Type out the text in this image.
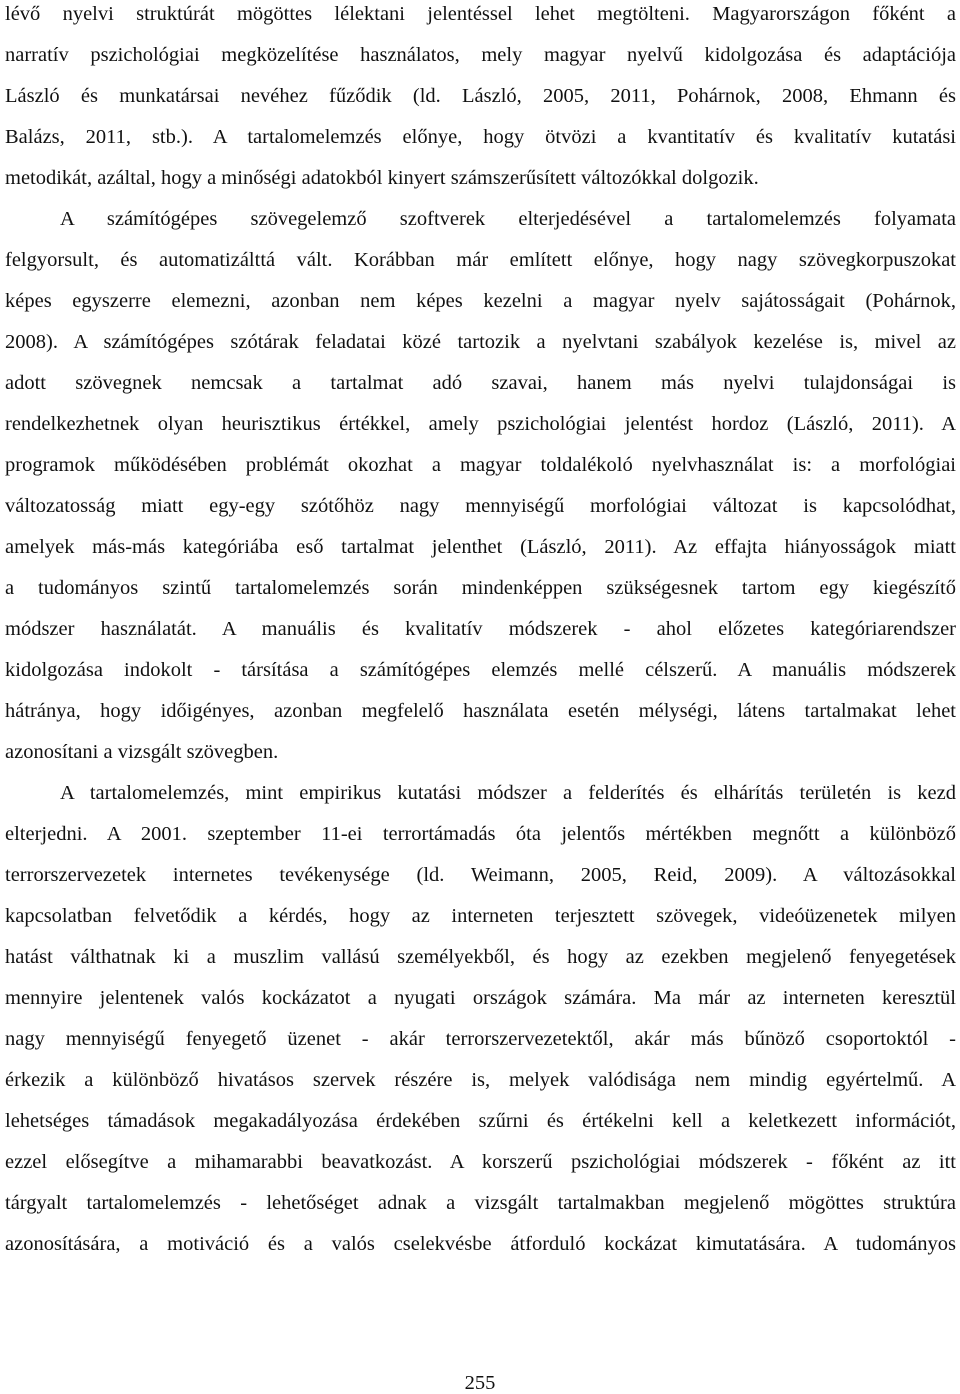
lévő nyelvi struktúrát mögöttes lélektani jelentéssel lehet megtölteni. Magyarországon főként a
narratív pszichológiai megközelítése használatos, mely magyar nyelvű kidolgozása és adaptációja
László és munkatársai nevéhez fűződik (ld. László, 2005, 2011, Pohárnok, 2008, Ehmann és
Balázs, 2011, stb.). A tartalomelemzés előnye, hogy ötvözi a kvantitatív és kvalitatív kutatási
metodikát, azáltal, hogy a minőségi adatokból kinyert számszerűsített változókkal dolgozik.
A számítógépes szövegelemző szoftverek elterjedésével a tartalomelemzés folyamata
felgyorsult, és automatizálttá vált. Korábban már említett előnye, hogy nagy szövegkorpuszokat
képes egyszerre elemezni, azonban nem képes kezelni a magyar nyelv sajátosságait (Pohárnok,
2008). A számítógépes szótárak feladatai közé tartozik a nyelvtani szabályok kezelése is, mivel az
adott szövegnek nemcsak a tartalmat adó szavai, hanem más nyelvi tulajdonságai is
rendelkezhetnek olyan heurisztikus értékkel, amely pszichológiai jelentést hordoz (László, 2011). A
programok működésében problémát okozhat a magyar toldalékoló nyelvhasználat is: a morfológiai
változatosság miatt egy-egy szótőhöz nagy mennyiségű morfológiai változat is kapcsolódhat,
amelyek más-más kategóriába eső tartalmat jelenthet (László, 2011). Az effajta hiányosságok miatt
a tudományos szintű tartalomelemzés során mindenképpen szükségesnek tartom egy kiegészítő
módszer használatát. A manuális és kvalitatív módszerek - ahol előzetes kategóriarendszer
kidolgozása indokolt - társítása a számítógépes elemzés mellé célszerű. A manuális módszerek
hátránya, hogy időigényes, azonban megfelelő használata esetén mélységi, látens tartalmakat lehet
azonosítani a vizsgált szövegben.
A tartalomelemzés, mint empirikus kutatási módszer a felderítés és elhárítás területén is kezd
elterjedni. A 2001. szeptember 11-ei terrortámadás óta jelentős mértékben megnőtt a különböző
terrorszervezetek internetes tevékenysége (ld. Weimann, 2005, Reid, 2009). A változásokkal
kapcsolatban felvetődik a kérdés, hogy az interneten terjesztett szövegek, videóüzenetek milyen
hatást válthatnak ki a muszlim vallású személyekből, és hogy az ezekben megjelenő fenyegetések
mennyire jelentenek valós kockázatot a nyugati országok számára. Ma már az interneten keresztül
nagy mennyiségű fenyegető üzenet - akár terrorszervezetektől, akár más bűnöző csoportoktól -
érkezik a különböző hivatásos szervek részére is, melyek valódisága nem mindig egyértelmű. A
lehetséges támadások megakadályozása érdekében szűrni és értékelni kell a keletkezett információt,
ezzel elősegítve a mihamarabbi beavatkozást. A korszerű pszichológiai módszerek - főként az itt
tárgyalt tartalomelemzés - lehetőséget adnak a vizsgált tartalmakban megjelenő mögöttes struktúra
azonosítására, a motiváció és a valós cselekvésbe átforduló kockázat kimutatására. A tudományos
255
